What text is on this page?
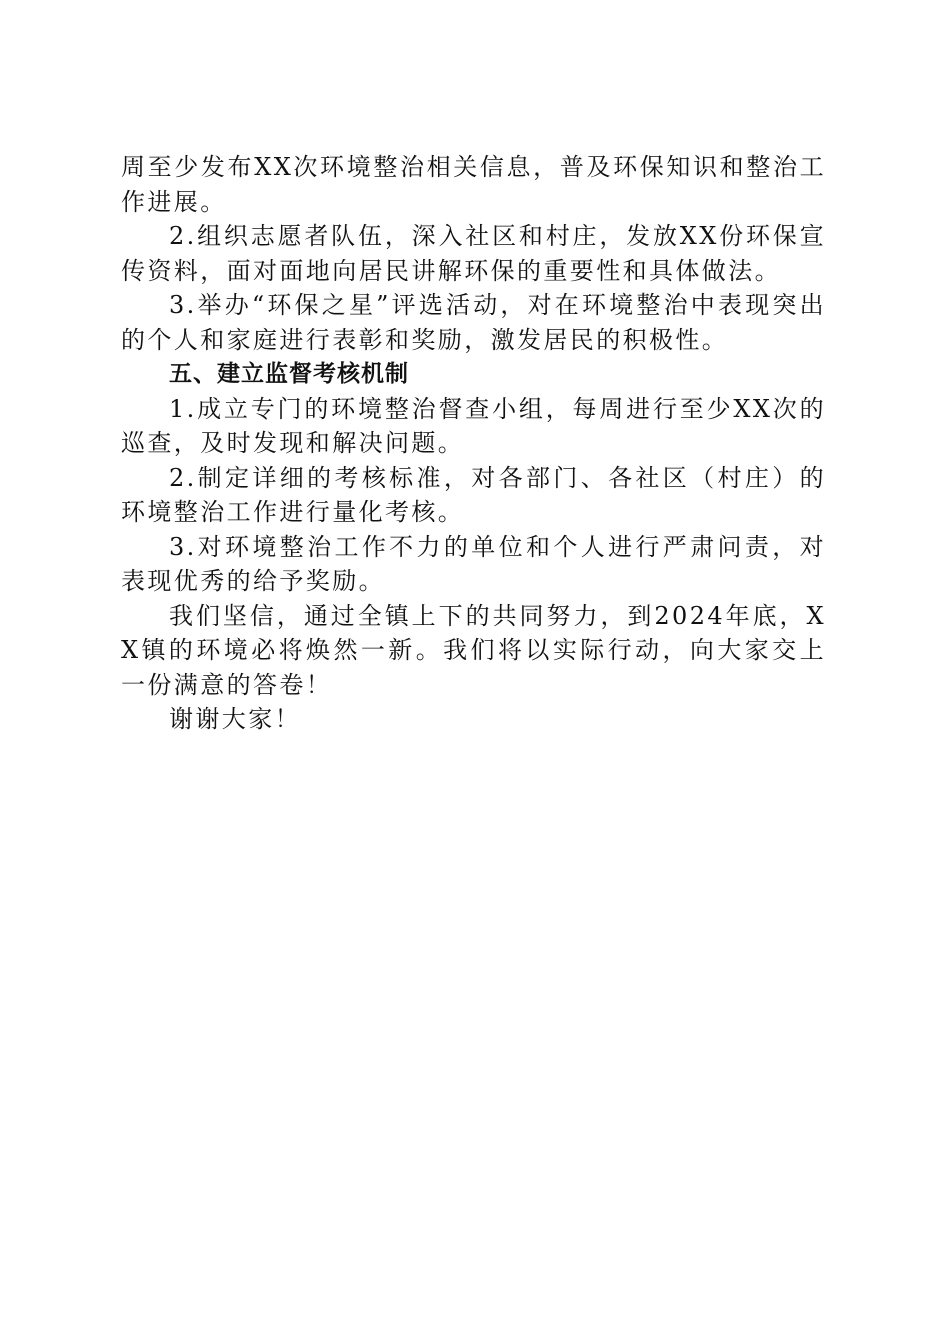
周至少发布XX次环境整治相关信息，普及环保知识和整治工作进展。

2.组织志愿者队伍，深入社区和村庄，发放XX份环保宣传资料，面对面地向居民讲解环保的重要性和具体做法。

3.举办“环保之星”评选活动，对在环境整治中表现突出的个人和家庭进行表彰和奖励，激发居民的积极性。

五、建立监督考核机制

1.成立专门的环境整治督查小组，每周进行至少XX次的巡查，及时发现和解决问题。

2.制定详细的考核标准，对各部门、各社区（村庄）的环境整治工作进行量化考核。

3.对环境整治工作不力的单位和个人进行严肃问责，对表现优秀的给予奖励。

我们坚信，通过全镇上下的共同努力，到2024年底，XX镇的环境必将焕然一新。我们将以实际行动，向大家交上一份满意的答卷！

谢谢大家！
